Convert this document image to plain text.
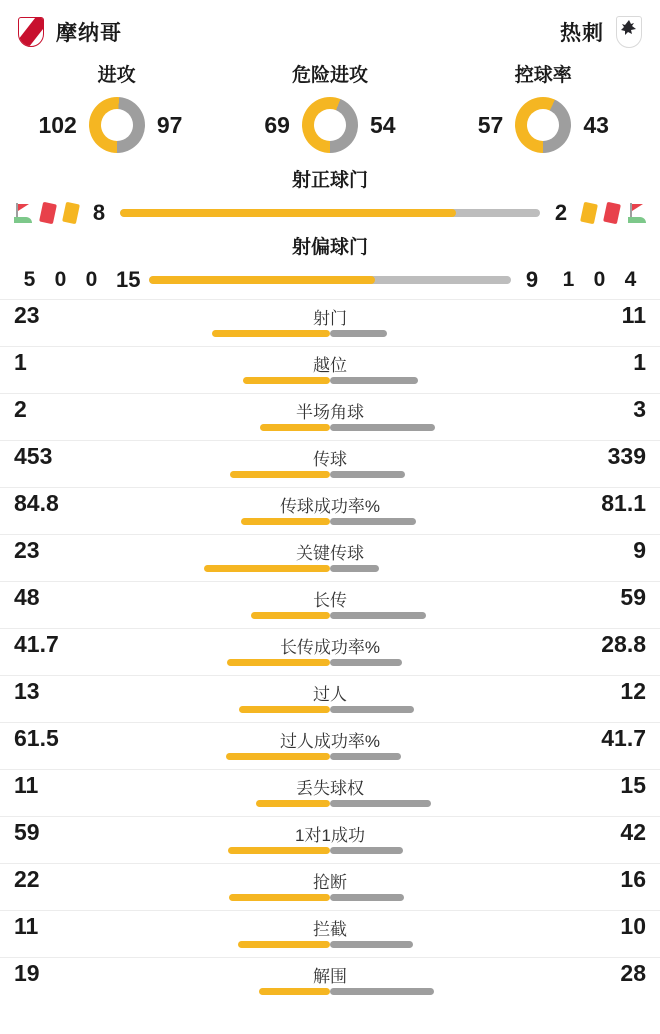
摩纳哥	热刺
进攻
102	97
危险进攻
69	54
控球率
57	43
射正球门
8	2
射偏球门
5 0 0 15	9	1 0 4
23	射门	11
1	越位	1
2	半场角球	3
453	传球	339
84.8	传球成功率%	81.1
23	关键传球	9
48	长传	59
41.7	长传成功率%	28.8
13	过人	12
61.5	过人成功率%	41.7
11	丢失球权	15
59	1对1成功	42
22	抢断	16
11	拦截	10
19	解围	28
